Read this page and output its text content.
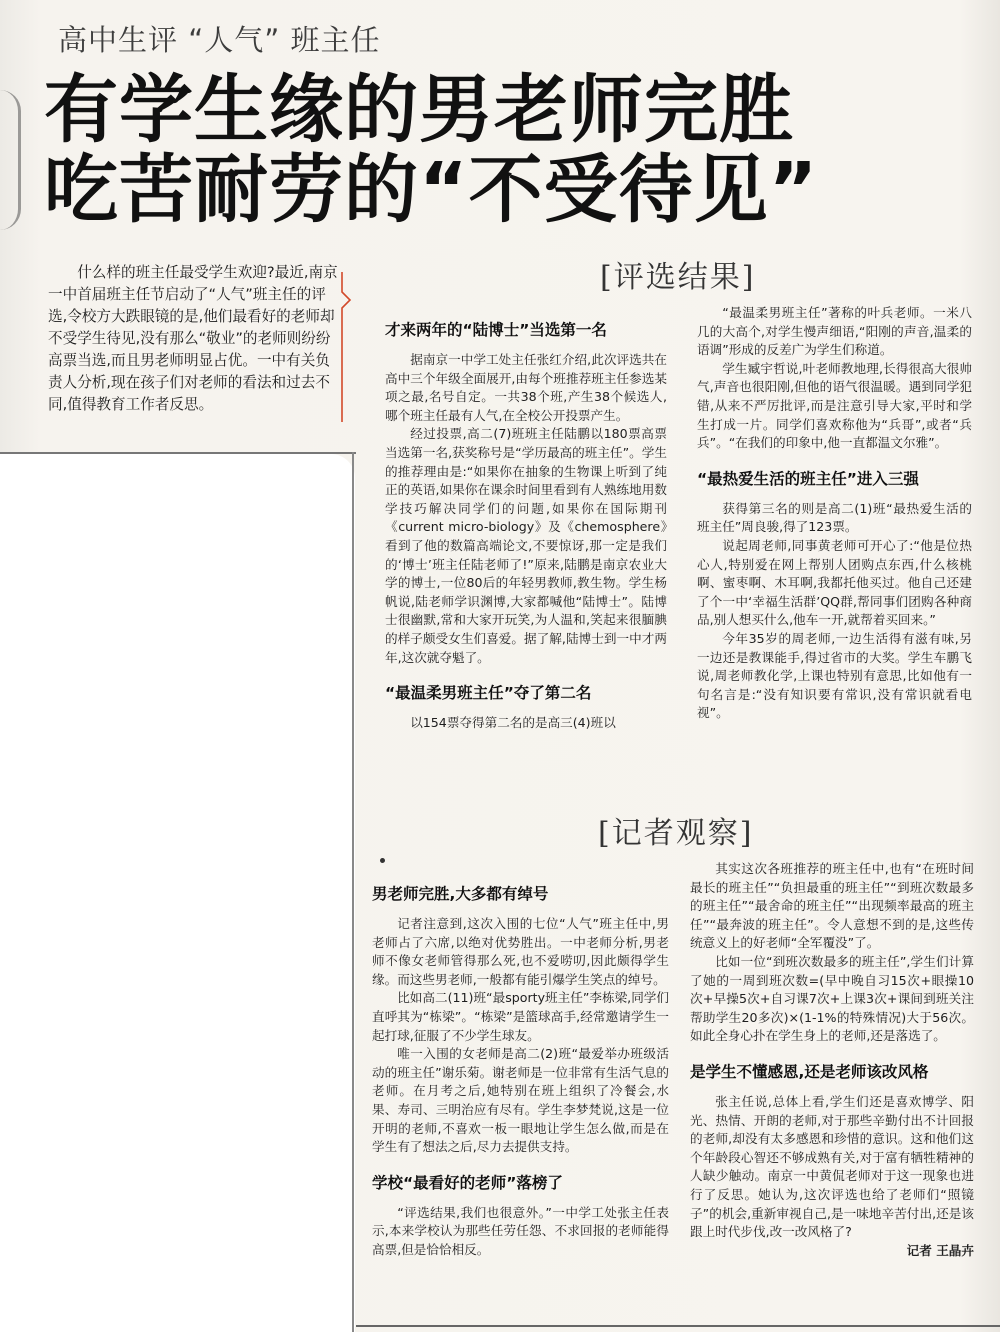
高中生评 “人气” 班主任
有学生缘的男老师完胜
吃苦耐劳的“不受待见”
什么样的班主任最受学生欢迎?最近,南京一中首届班主任节启动了“人气”班主任的评选,令校方大跌眼镜的是,他们最看好的老师却不受学生待见,没有那么“敬业”的老师则纷纷高票当选,而且男老师明显占优。一中有关负责人分析,现在孩子们对老师的看法和过去不同,值得教育工作者反思。
[评选结果]
才来两年的“陆博士”当选第一名

据南京一中学工处主任张红介绍,此次评选共在高中三个年级全面展开,由每个班推荐班主任参选某项之最,名号自定。一共38个班,产生38个候选人,哪个班主任最有人气,在全校公开投票产生。

经过投票,高二(7)班班主任陆鹏以180票高票当选第一名,获奖称号是“学历最高的班主任”。学生的推荐理由是:“如果你在抽象的生物课上听到了纯正的英语,如果你在课余时间里看到有人熟练地用数学技巧解决同学们的问题,如果你在国际期刊《current micro-biology》及《chemosphere》看到了他的数篇高端论文,不要惊讶,那一定是我们的‘博士’班主任陆老师了!”原来,陆鹏是南京农业大学的博士,一位80后的年轻男教师,教生物。学生杨帆说,陆老师学识渊博,大家都喊他“陆博士”。陆博士很幽默,常和大家开玩笑,为人温和,笑起来很腼腆的样子颇受女生们喜爱。据了解,陆博士到一中才两年,这次就夺魁了。

“最温柔男班主任”夺了第二名

以154票夺得第二名的是高三(4)班以

“最温柔男班主任”著称的叶兵老师。一米八几的大高个,对学生慢声细语,“阳刚的声音,温柔的语调”形成的反差广为学生们称道。

学生臧宇哲说,叶老师教地理,长得很高大很帅气,声音也很阳刚,但他的语气很温暖。遇到同学犯错,从来不严厉批评,而是注意引导大家,平时和学生打成一片。同学们喜欢称他为“兵哥”,或者“兵兵”。“在我们的印象中,他一直都温文尔雅”。

“最热爱生活的班主任”进入三强

获得第三名的则是高二(1)班“最热爱生活的班主任”周良骏,得了123票。

说起周老师,同事黄老师可开心了:“他是位热心人,特别爱在网上帮别人团购点东西,什么核桃啊、蜜枣啊、木耳啊,我都托他买过。他自己还建了个一中‘幸福生活群’QQ群,帮同事们团购各种商品,别人想买什么,他车一开,就帮着买回来。”

今年35岁的周老师,一边生活得有滋有味,另一边还是教课能手,得过省市的大奖。学生车鹏飞说,周老师教化学,上课也特别有意思,比如他有一句名言是:“没有知识要有常识,没有常识就看电视”。

[记者观察]
男老师完胜,大多都有绰号

记者注意到,这次入围的七位“人气”班主任中,男老师占了六席,以绝对优势胜出。一中老师分析,男老师不像女老师管得那么死,也不爱唠叨,因此颇得学生缘。而这些男老师,一般都有能引爆学生笑点的绰号。

比如高二(11)班“最sporty班主任”李栋梁,同学们直呼其为“栋梁”。“栋梁”是篮球高手,经常邀请学生一起打球,征服了不少学生球友。

唯一入围的女老师是高二(2)班“最爱举办班级活动的班主任”谢乐菊。谢老师是一位非常有生活气息的老师。在月考之后,她特别在班上组织了冷餐会,水果、寿司、三明治应有尽有。学生李梦梵说,这是一位开明的老师,不喜欢一板一眼地让学生怎么做,而是在学生有了想法之后,尽力去提供支持。

学校“最看好的老师”落榜了

“评选结果,我们也很意外。”一中学工处张主任表示,本来学校认为那些任劳任怨、不求回报的老师能得高票,但是恰恰相反。

其实这次各班推荐的班主任中,也有“在班时间最长的班主任”“负担最重的班主任”“到班次数最多的班主任”“最舍命的班主任”“出现频率最高的班主任”“最奔波的班主任”。令人意想不到的是,这些传统意义上的好老师“全军覆没”了。

比如一位“到班次数最多的班主任”,学生们计算了她的一周到班次数=(早中晚自习15次+眼操10次+早操5次+自习课7次+上课3次+课间到班关注帮助学生20多次)×(1-1%的特殊情况)大于56次。如此全身心扑在学生身上的老师,还是落选了。

是学生不懂感恩,还是老师该改风格

张主任说,总体上看,学生们还是喜欢博学、阳光、热情、开朗的老师,对于那些辛勤付出不计回报的老师,却没有太多感恩和珍惜的意识。这和他们这个年龄段心智还不够成熟有关,对于富有牺牲精神的人缺少触动。南京一中黄侃老师对于这一现象也进行了反思。她认为,这次评选也给了老师们“照镜子”的机会,重新审视自己,是一味地辛苦付出,还是该跟上时代步伐,改一改风格了?

记者 王晶卉
